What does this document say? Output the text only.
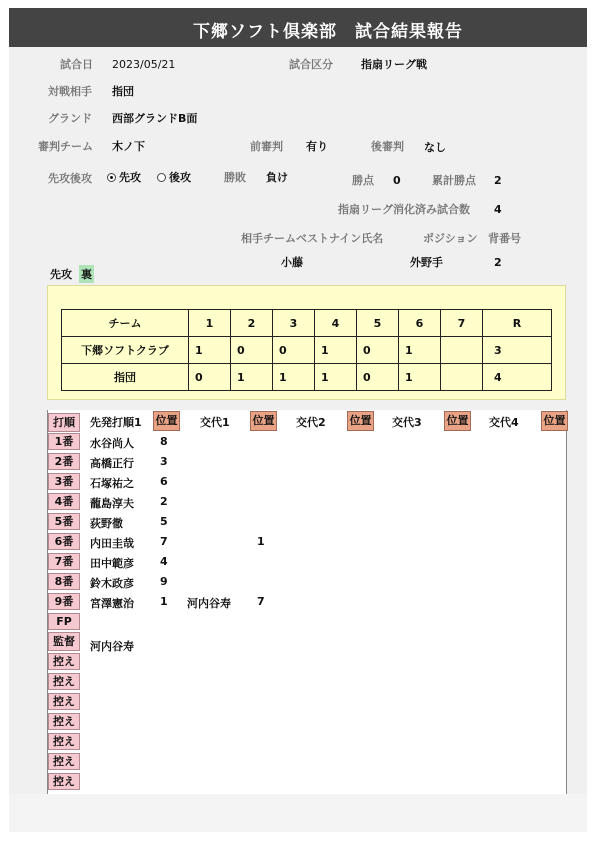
下郷ソフト倶楽部　試合結果報告
試合日 2023/05/21	試合区分	指扇リーグ戦
対戦相手 指団
グランド 西部グランドB面
審判チーム 木ノ下	前審判 有り	後審判 なし
先攻後攻	先攻	後攻	勝敗 負け	勝点 0	累計勝点 2
指扇リーグ消化済み試合数 4
相手チームベストナイン氏名	ポジション 背番号
小藤	外野手	2
先攻 裏
チーム	1	2	3	4	5	6	7	R
下郷ソフトクラブ	1	0	0	1	0	1		3
指団	0	1	1	1	0	1		4
打順	先発打順1 位置 交代1 位置 交代2 位置 交代3 位置 交代4 位置
1番	水谷尚人 8
2番	高橋正行 3
3番	石塚祐之 6
4番	蘢島淳夫 2
5番	荻野徹	5
6番	内田圭哉 7	1
7番	田中範彦 4
8番	鈴木政彦 9
9番	宮澤憲治 1 河内谷寿 7
FP
監督	河内谷寿
控え
控え
控え
控え
控え
控え
控え
